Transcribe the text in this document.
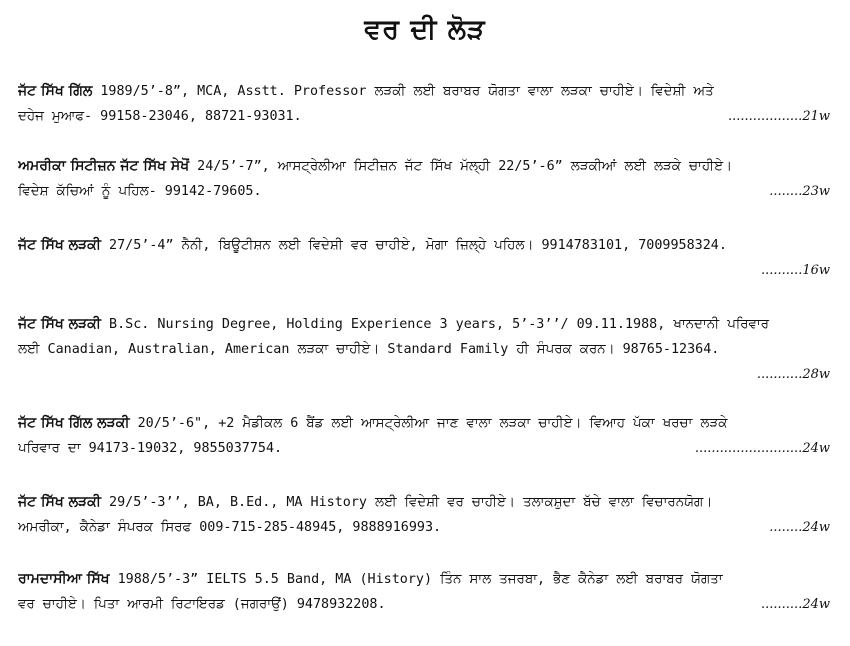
ਵਰ ਦੀ ਲੋੜ

ਜੱਟ ਸਿੱਖ ਗਿੱਲ 1989/5’-8”, MCA, Asstt. Professor ਲੜਕੀ ਲਈ ਬਰਾਬਰ ਯੋਗਤਾ ਵਾਲਾ ਲੜਕਾ ਚਾਹੀਏ। ਵਿਦੇਸ਼ੀ ਅਤੇ

ਦਹੇਜ ਮੁਆਫ- 99158-23046, 88721-93031.	..................21w

ਅਮਰੀਕਾ ਸਿਟੀਜ਼ਨ ਜੱਟ ਸਿੱਖ ਸੇਖੋਂ 24/5’-7”, ਆਸਟ੍ਰੇਲੀਆ ਸਿਟੀਜ਼ਨ ਜੱਟ ਸਿੱਖ ਮੱਲ੍ਹੀ 22/5’-6” ਲੜਕੀਆਂ ਲਈ ਲੜਕੇ ਚਾਹੀਏ।

ਵਿਦੇਸ਼ ਕੱਚਿਆਂ ਨੂੰ ਪਹਿਲ- 99142-79605.	........23w

ਜੱਟ ਸਿੱਖ ਲੜਕੀ 27/5’-4” ਨੈਨੀ, ਬਿਊਟੀਸ਼ਨ ਲਈ ਵਿਦੇਸ਼ੀ ਵਰ ਚਾਹੀਏ, ਮੋਗਾ ਜ਼ਿਲ੍ਹੇ ਪਹਿਲ। 9914783101, 7009958324.

..........16w

ਜੱਟ ਸਿੱਖ ਲੜਕੀ B.Sc. Nursing Degree, Holding Experience 3 years, 5’-3’’/ 09.11.1988, ਖਾਨਦਾਨੀ ਪਰਿਵਾਰ

ਲਈ Canadian, Australian, American ਲੜਕਾ ਚਾਹੀਏ। Standard Family ਹੀ ਸੰਪਰਕ ਕਰਨ। 98765-12364.

...........28w

ਜੱਟ ਸਿੱਖ ਗਿੱਲ ਲੜਕੀ 20/5’-6", +2 ਮੈਡੀਕਲ 6 ਬੈਂਡ ਲਈ ਆਸਟ੍ਰੇਲੀਆ ਜਾਣ ਵਾਲਾ ਲੜਕਾ ਚਾਹੀਏ। ਵਿਆਹ ਪੱਕਾ ਖਰਚਾ ਲੜਕੇ

ਪਰਿਵਾਰ ਦਾ 94173-19032, 9855037754.	..........................24w

ਜੱਟ ਸਿੱਖ ਲੜਕੀ 29/5’-3’’, BA, B.Ed., MA History ਲਈ ਵਿਦੇਸ਼ੀ ਵਰ ਚਾਹੀਏ। ਤਲਾਕਸ਼ੁਦਾ ਬੱਚੇ ਵਾਲਾ ਵਿਚਾਰਨਯੋਗ।

ਅਮਰੀਕਾ, ਕੈਨੇਡਾ ਸੰਪਰਕ ਸਿਰਫ 009-715-285-48945, 9888916993.	........24w

ਰਾਮਦਾਸੀਆ ਸਿੱਖ 1988/5’-3” IELTS 5.5 Band, MA (History) ਤਿੰਨ ਸਾਲ ਤਜਰਬਾ, ਭੈਣ ਕੈਨੇਡਾ ਲਈ ਬਰਾਬਰ ਯੋਗਤਾ

ਵਰ ਚਾਹੀਏ। ਪਿਤਾ ਆਰਮੀ ਰਿਟਾਇਰਡ (ਜਗਰਾਉਂ) 9478932208.	..........24w
